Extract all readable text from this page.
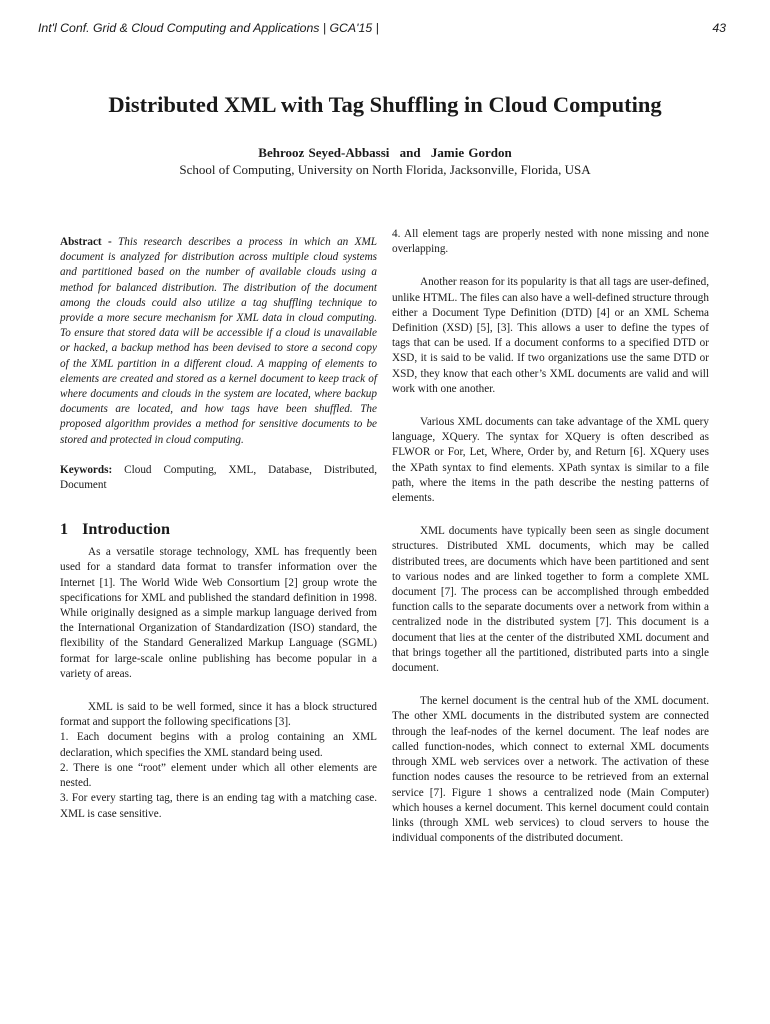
Int'l Conf. Grid & Cloud Computing and Applications | GCA'15 |	43
Distributed XML with Tag Shuffling in Cloud Computing
Behrooz Seyed-Abbassi and Jamie Gordon
School of Computing, University on North Florida, Jacksonville, Florida, USA

Abstract - This research describes a process in which an XML document is analyzed for distribution across multiple cloud systems and partitioned based on the number of available clouds using a method for balanced distribution. The distribution of the document among the clouds could also utilize a tag shuffling technique to provide a more secure mechanism for XML data in cloud computing. To ensure that stored data will be accessible if a cloud is unavailable or hacked, a backup method has been devised to store a second copy of the XML partition in a different cloud. A mapping of elements to elements are created and stored as a kernel document to keep track of where documents and clouds in the system are located, where backup documents are located, and how tags have been shuffled. The proposed algorithm provides a method for sensitive documents to be stored and protected in cloud computing.

Keywords: Cloud Computing, XML, Database, Distributed, Document

1 Introduction

As a versatile storage technology, XML has frequently been used for a standard data format to transfer information over the Internet [1]. The World Wide Web Consortium [2] group wrote the specifications for XML and published the standard definition in 1998. While originally designed as a simple markup language derived from the International Organization of Standardization (ISO) standard, the flexibility of the Standard Generalized Markup Language (SGML) format for large-scale online publishing has become popular in a variety of areas.

XML is said to be well formed, since it has a block structured format and support the following specifications [3].

1. Each document begins with a prolog containing an XML declaration, which specifies the XML standard being used.

2. There is one “root” element under which all other elements are nested.

3. For every starting tag, there is an ending tag with a matching case. XML is case sensitive.

4. All element tags are properly nested with none missing and none overlapping.

Another reason for its popularity is that all tags are user-defined, unlike HTML. The files can also have a well-defined structure through either a Document Type Definition (DTD) [4] or an XML Schema Definition (XSD) [5], [3]. This allows a user to define the types of tags that can be used. If a document conforms to a specified DTD or XSD, it is said to be valid. If two organizations use the same DTD or XSD, they know that each other’s XML documents are valid and will work with one another.

Various XML documents can take advantage of the XML query language, XQuery. The syntax for XQuery is often described as FLWOR or For, Let, Where, Order by, and Return [6]. XQuery uses the XPath syntax to find elements. XPath syntax is similar to a file path, where the items in the path describe the nesting patterns of elements.

XML documents have typically been seen as single document structures. Distributed XML documents, which may be called distributed trees, are documents which have been partitioned and sent to various nodes and are linked together to form a complete XML document [7]. The process can be accomplished through embedded function calls to the separate documents over a network from within a centralized node in the distributed system [7]. This document is a document that lies at the center of the distributed XML document and that brings together all the partitioned, distributed parts into a single document.

The kernel document is the central hub of the XML document. The other XML documents in the distributed system are connected through the leaf-nodes of the kernel document. The leaf nodes are called function-nodes, which connect to external XML documents through XML web services over a network. The activation of these function nodes causes the resource to be retrieved from an external service [7]. Figure 1 shows a centralized node (Main Computer) which houses a kernel document. This kernel document could contain links (through XML web services) to cloud servers to house the individual components of the distributed document.
